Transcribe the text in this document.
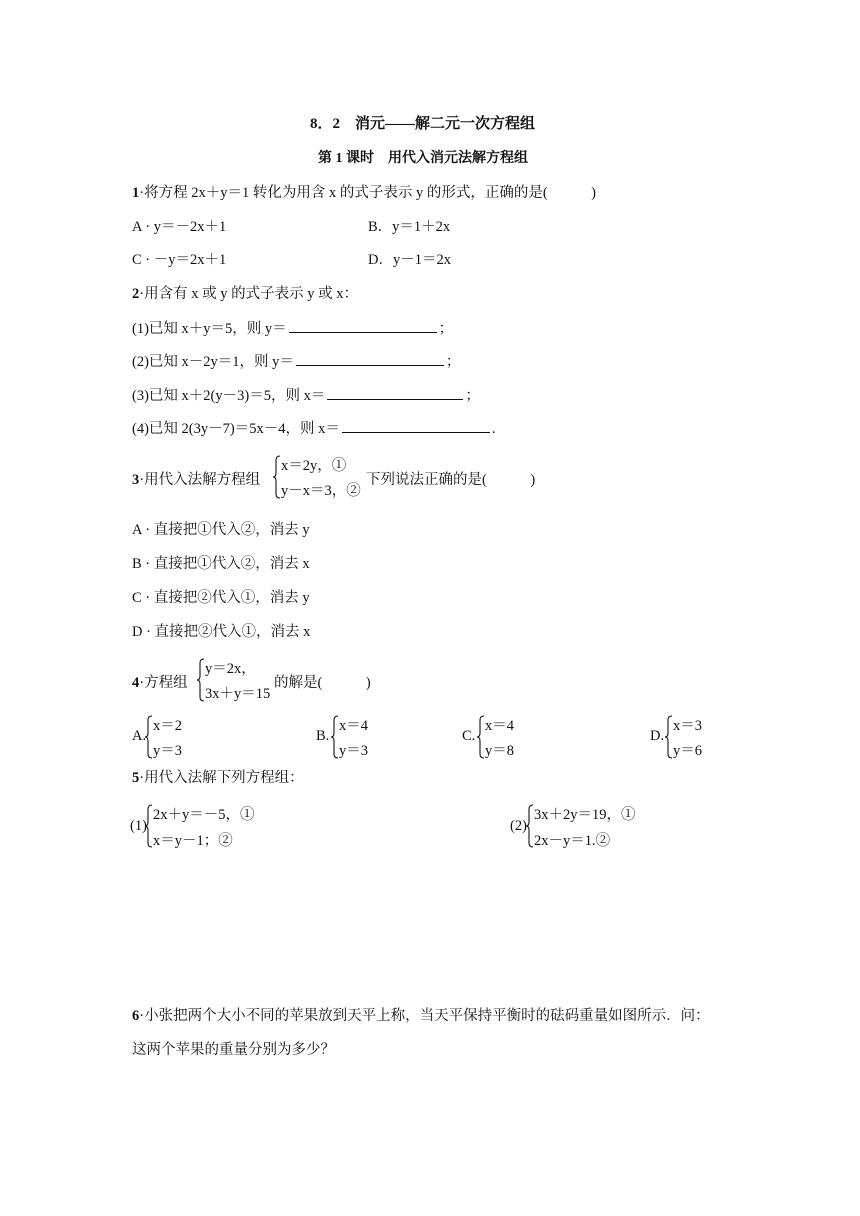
8．2　消元——解二元一次方程组
第 1 课时　用代入消元法解方程组
1·将方程 2x＋y＝1 转化为用含 x 的式子表示 y 的形式，正确的是(　　　)
A · y＝－2x＋1	B．y＝1＋2x
C · －y＝2x＋1	D．y－1＝2x
2·用含有 x 或 y 的式子表示 y 或 x：
(1)已知 x＋y＝5，则 y＝	；
(2)已知 x－2y＝1，则 y＝	；
(3)已知 x＋2(y－3)＝5，则 x＝	；
(4)已知 2(3y－7)＝5x－4，则 x＝	.
3·用代入法解方程组
x＝2y，①
y－x＝3，②
下列说法正确的是(　　　)
A · 直接把①代入②，消去 y
B · 直接把①代入②，消去 x
C · 直接把②代入①，消去 y
D · 直接把②代入①，消去 x
4·方程组
y＝2x，
3x＋y＝15
的解是(　　　)
A.
x＝2
y＝3
B.
x＝4
y＝3
C.
x＝4
y＝8
D.
x＝3
y＝6
5·用代入法解下列方程组：
(1)
2x＋y＝－5，①
x＝y－1；②
(2)
3x＋2y＝19，①
2x－y＝1.②
6·小张把两个大小不同的苹果放到天平上称，当天平保持平衡时的砝码重量如图所示．问：
这两个苹果的重量分别为多少？
